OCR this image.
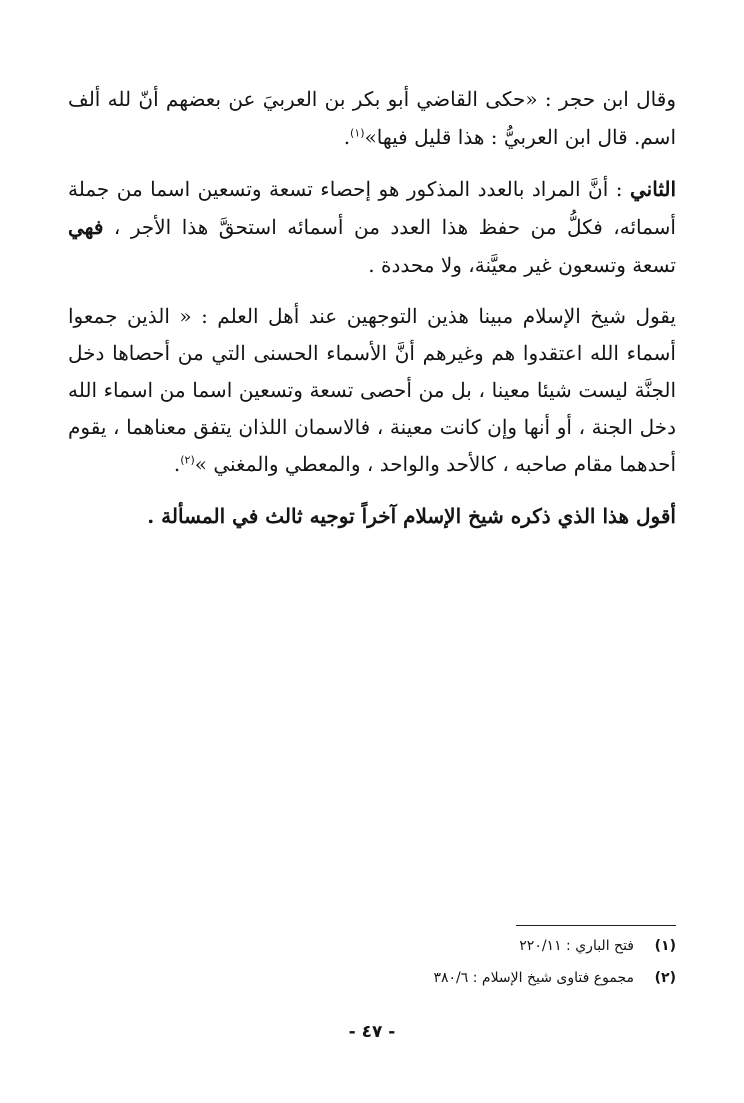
وقال ابن حجر : «حكى القاضي أبو بكر بن العربيَ عن بعضهم أنّ لله ألف اسم. قال ابن العربيُّ : هذا قليل فيها»$^{(١)}$.

الثاني : أنَّ المراد بالعدد المذكور هو إحصاء تسعة وتسعين اسما من جملة أسمائه، فكلُّ من حفظ هذا العدد من أسمائه استحقَّ هذا الأجر ، فهي تسعة وتسعون غير معيَّنة، ولا محددة .

يقول شيخ الإسلام مبينا هذين التوجهين عند أهل العلم : « الذين جمعوا أسماء الله اعتقدوا هم وغيرهم أنَّ الأسماء الحسنى التي من أحصاها دخل الجنَّة ليست شيئا معينا ، بل من أحصى تسعة وتسعين اسما من اسماء الله دخل الجنة ، أو أنها وإن كانت معينة ، فالاسمان اللذان يتفق معناهما ، يقوم أحدهما مقام صاحبه ، كالأحد والواحد ، والمعطي والمغني »$^{(٢)}$.

أقول هذا الذي ذكره شيخ الإسلام آخراً توجيه ثالث في المسألة .

(١)
فتح الباري : ٢٢٠/١١
(٢)
مجموع فتاوى شيخ الإسلام : ٣٨٠/٦
- ٤٧ -
